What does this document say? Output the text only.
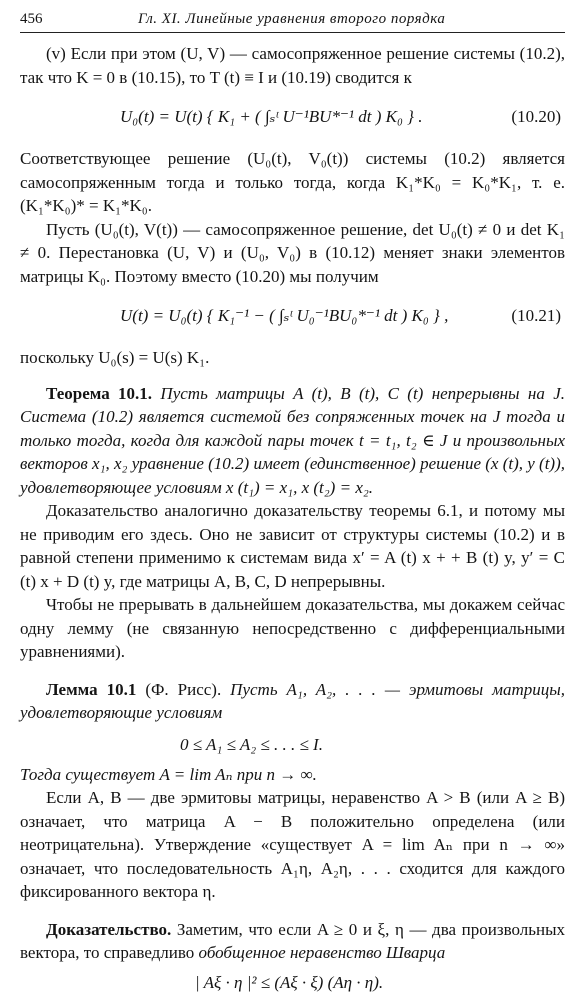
456	Гл. XI. Линейные уравнения второго порядка

(v) Если при этом (U, V) — самосопряженное решение системы (10.2), так что K = 0 в (10.15), то T (t) ≡ I и (10.19) сводится к

U₀(t) = U(t) { K₁ + ( ∫ₛᵗ U⁻¹BU*⁻¹ dt ) K₀ } .	(10.20)

Соответствующее решение (U₀(t), V₀(t)) системы (10.2) является самосопряженным тогда и только тогда, когда K₁*K₀ = K₀*K₁, т. е. (K₁*K₀)* = K₁*K₀.

Пусть (U₀(t), V(t)) — самосопряженное решение, det U₀(t) ≠ 0 и det K₁ ≠ 0. Перестановка (U, V) и (U₀, V₀) в (10.12) меняет знаки элементов матрицы K₀. Поэтому вместо (10.20) мы получим

U(t) = U₀(t) { K₁⁻¹ − ( ∫ₛᵗ U₀⁻¹BU₀*⁻¹ dt ) K₀ } ,	(10.21)

поскольку U₀(s) = U(s) K₁.

Теорема 10.1. Пусть матрицы A (t), B (t), C (t) непрерывны на J. Система (10.2) является системой без сопряженных точек на J тогда и только тогда, когда для каждой пары точек t = t₁, t₂ ∈ J и произвольных векторов x₁, x₂ уравнение (10.2) имеет (единственное) решение (x (t), y (t)), удовлетворяющее условиям x (t₁) = x₁, x (t₂) = x₂.

Доказательство аналогично доказательству теоремы 6.1, и потому мы не приводим его здесь. Оно не зависит от структуры системы (10.2) и в равной степени применимо к системам вида x′ = A (t) x + + B (t) y, y′ = C (t) x + D (t) y, где матрицы A, B, C, D непрерывны.

Чтобы не прерывать в дальнейшем доказательства, мы докажем сейчас одну лемму (не связанную непосредственно с дифференциальными уравнениями).

Лемма 10.1 (Ф. Рисс). Пусть A₁, A₂, . . . — эрмитовы матрицы, удовлетворяющие условиям

0 ≤ A₁ ≤ A₂ ≤ . . . ≤ I.

Тогда существует A = lim Aₙ при n → ∞.

Если A, B — две эрмитовы матрицы, неравенство A > B (или A ≥ B) означает, что матрица A − B положительно определена (или неотрицательна). Утверждение «существует A = lim Aₙ при n → ∞» означает, что последовательность A₁η, A₂η, . . . сходится для каждого фиксированного вектора η.

Доказательство. Заметим, что если A ≥ 0 и ξ, η — два произвольных вектора, то справедливо обобщенное неравенство Шварца

| Aξ · η |² ≤ (Aξ · ξ) (Aη · η).
